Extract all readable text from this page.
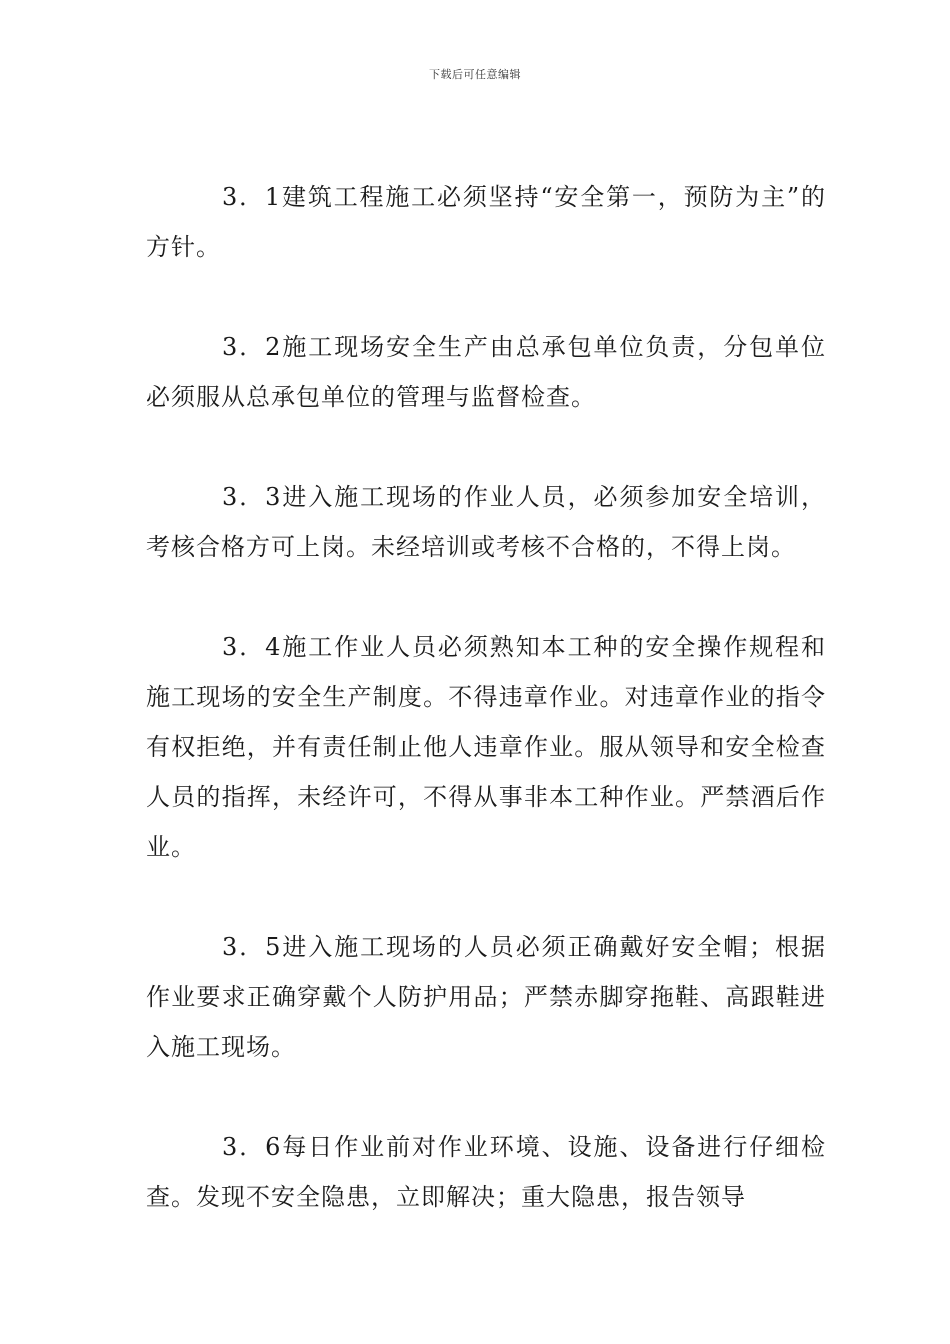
下载后可任意编辑

3．1建筑工程施工必须坚持“安全第一，预防为主”的方针。

3．2施工现场安全生产由总承包单位负责，分包单位必须服从总承包单位的管理与监督检查。

3．3进入施工现场的作业人员，必须参加安全培训，考核合格方可上岗。未经培训或考核不合格的，不得上岗。

3．4施工作业人员必须熟知本工种的安全操作规程和施工现场的安全生产制度。不得违章作业。对违章作业的指令有权拒绝，并有责任制止他人违章作业。服从领导和安全检查人员的指挥，未经许可，不得从事非本工种作业。严禁酒后作业。

3．5进入施工现场的人员必须正确戴好安全帽；根据作业要求正确穿戴个人防护用品；严禁赤脚穿拖鞋、高跟鞋进入施工现场。

3．6每日作业前对作业环境、设施、设备进行仔细检查。发现不安全隐患，立即解决；重大隐患，报告领导
